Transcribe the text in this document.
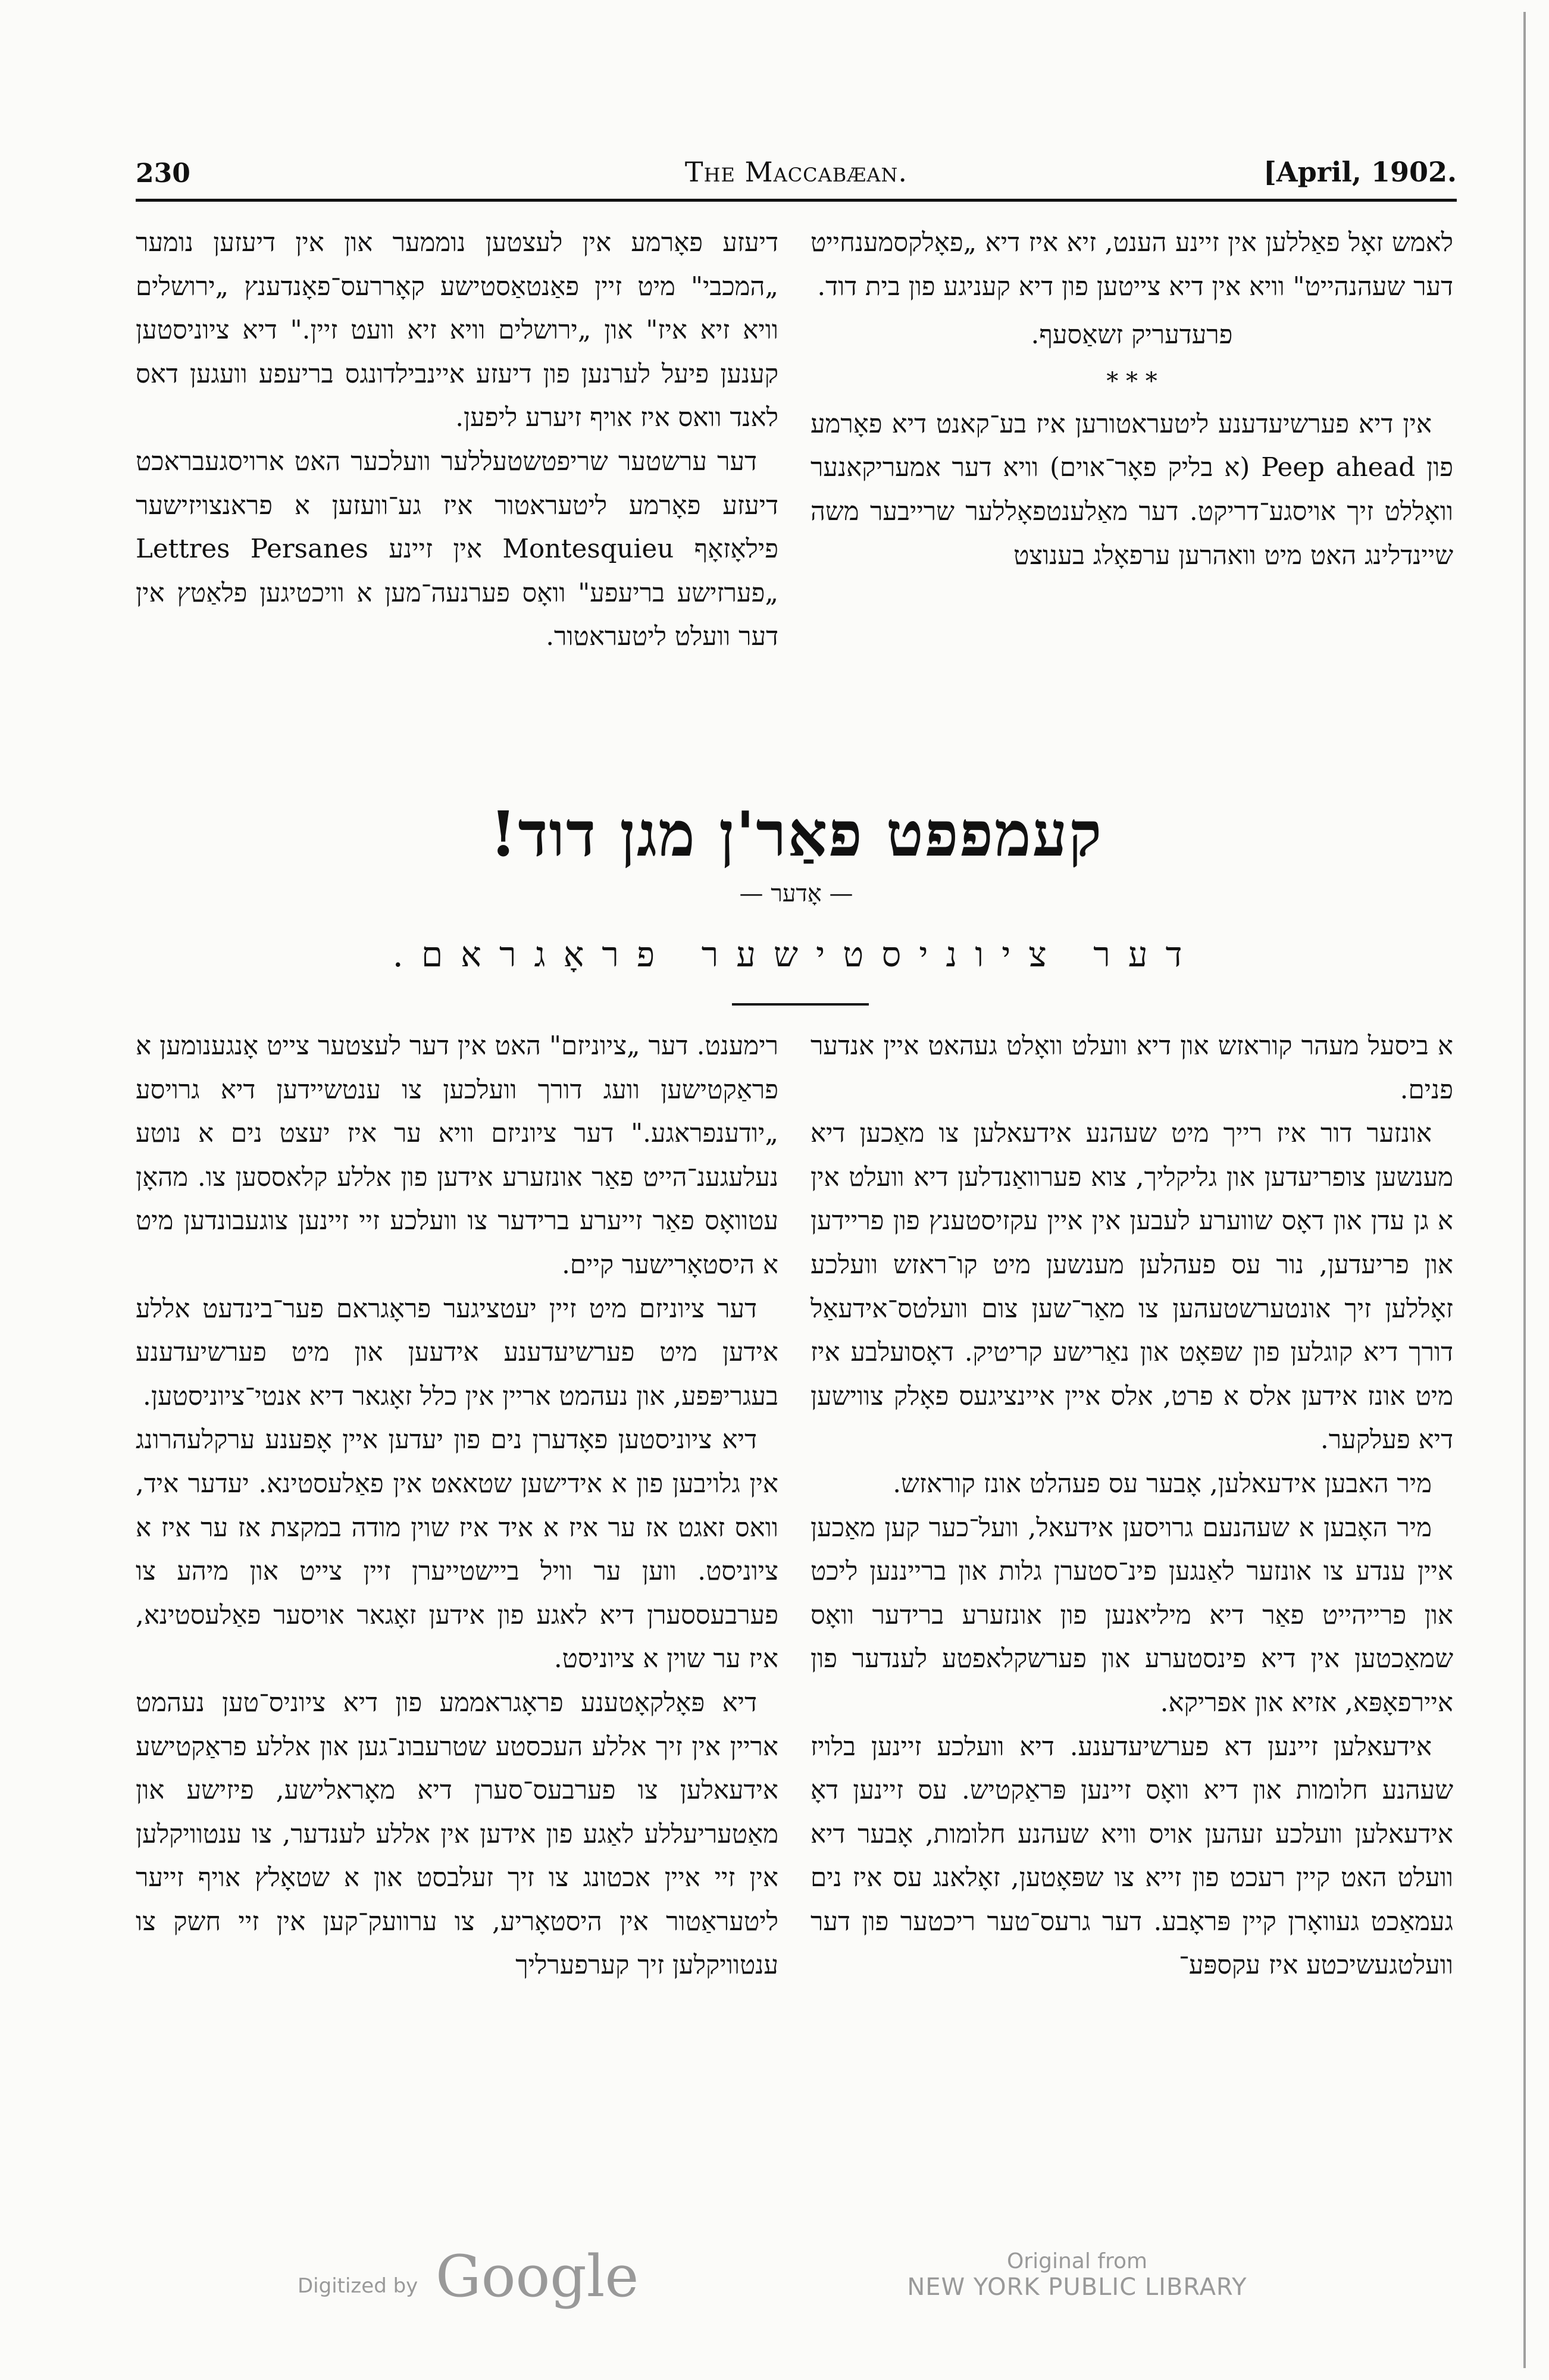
230	The Maccabæan.	[April, 1902.

לאמש זאָל פאַללען אין זיינע הענט, זיא איז דיא „פאָלקסמענחייט דער שעהנהייט" וויא אין דיא צייטען פון דיא קעניגע פון בית דוד.

פרעדעריק זשאַסעף.

* * *

אין דיא פערשיעדענע ליטעראטורען איז בע־קאנט דיא פאָרמע פון Peep ahead (א בליק פאָר־אוים) וויא דער אמעריקאנער וואָללט זיך אויסגע־דריקט. דער מאַלענטפאָללער שרייבער משה שיינדלינג האט מיט וואהרען ערפאָלג בענוצט

דיעזע פאָרמע אין לעצטען נוממער און אין דיעזען נומער „המכבי" מיט זיין פאַנטאַסטישע קאָררעס־פאָנדענץ „ירושלים וויא זיא איז" און „ירושלים וויא זיא וועט זיין." דיא ציוניסטען קענען פיעל לערנען פון דיעזע איינבילדונגס בריעפע וועגען דאס לאנד וואס איז אויף זיערע ליפען.

דער ערשטער שריפטשטעללער וועלכער האט ארויסגעבראכט דיעזע פאָרמע ליטעראטור איז גע־וועזען א פראנצויזישער פילאָזאָף Montesquieu אין זיינע Lettres Persanes „פערזישע בריעפע" וואָס פערנעה־מען א וויכטיגען פלאַטץ אין דער וועלט ליטעראטור.

קעמפפט פאַר'ן מגן דוד!
— אָדער —
דער ציוניסטישער פראָגראם.

א ביסעל מעהר קוראזש און דיא וועלט וואָלט געהאט איין אנדער פנים.

אונזער דור איז רייך מיט שעהנע אידעאלען צו מאַכען דיא מענשען צופריעדען און גליקליך, צוא פערוואַנדלען דיא וועלט אין א גן עדן און דאָס שווערע לעבען אין איין עקזיסטענץ פון פריידען און פריעדען, נור עס פעהלען מענשען מיט קו־ראזש וועלכע זאָללען זיך אונטערשטעהען צו מאַר־שען צום וועלטס־אידעאַל דורך דיא קוגלען פון שפּאָט און נאַרישע קריטיק. דאָסועלבע איז מיט אונז אידען אלס א פרט, אלס איין איינציגעס פאָלק צווישען דיא פעלקער.

מיר האבען אידעאלען, אָבער עס פעהלט אונז קוראזש.

מיר האָבען א שעהנעם גרויסען אידעאל, וועל־כער קען מאַכען איין ענדע צו אונזער לאַנגען פינ־סטערן גלות און ברייננען ליכט און פרייהייט פאַר דיא מיליאנען פון אונזערע ברידער וואָס שמאַכטען אין דיא פינסטערע און פערשקלאפטע לענדער פון איירפאָפּא, אזיא און אפריקא.

אידעאלען זיינען דא פערשיעדענע. דיא וועלכע זיינען בלויז שעהנע חלומות און דיא וואָס זיינען פּראַקטיש. עס זיינען דאָ אידעאלען וועלכע זעהען אויס וויא שעהנע חלומות, אָבער דיא וועלט האט קיין רעכט פון זייא צו שפּאָטען, זאָלאנג עס איז נים געמאַכט געוואָרן קיין פּראָבע. דער גרעס־טער ריכטער פון דער וועלטגעשיכטע איז עקספּע־

רימענט. דער „ציוניזם" האט אין דער לעצטער צייט אָנגענומען א פראַקטישען וועג דורך וועלכען צו ענטשיידען דיא גרויסע „יודענפראגע." דער ציוניזם וויא ער איז יעצט נים א נוטע נעלעגענ־הייט פאַר אונזערע אידען פון אללע קלאססען צו. מהאָן עטוואָס פאַר זייערע ברידער צו וועלכע זיי זיינען צוגעבונדען מיט א היסטאָרישער קיים.

דער ציוניזם מיט זיין יעטציגער פראָגראם פער־בינדעט אללע אידען מיט פערשיעדענע אידעען און מיט פערשיעדענע בעגריפּפע, און נעהמט אריין אין כלל זאָגאר דיא אנטי־ציוניסטען.

דיא ציוניסטען פאָדערן נים פון יעדען איין אָפענע ערקלעהרונג אין גלויבען פון א אידישען שטאאט אין פאַלעסטינא. יעדער איד, וואס זאגט אז ער איז א איד איז שוין מודה במקצת אז ער איז א ציוניסט. ווען ער וויל ביישטייערן זיין צייט און מיהע צו פערבעססערן דיא לאגע פון אידען זאָגאר אויסער פאַלעסטינא, איז ער שוין א ציוניסט.

דיא פּאָלקאָטענע פראָגראממע פון דיא ציוניס־טען נעהמט אריין אין זיך אללע העכסטע שטרעבונ־גען און אללע פראַקטישע אידעאלען צו פערבעס־סערן דיא מאָראלישע, פיזישע און מאַטעריעללע לאַגע פון אידען אין אללע לענדער, צו ענטוויקלען אין זיי איין אכטונג צו זיך זעלבסט און א שטאָלץ אויף זייער ליטעראַטור אין היסטאָריע, צו ערוועק־קען אין זיי חשק צו ענטוויקלען זיך קערפערליך

Digitized by Google	Original from
NEW YORK PUBLIC LIBRARY
